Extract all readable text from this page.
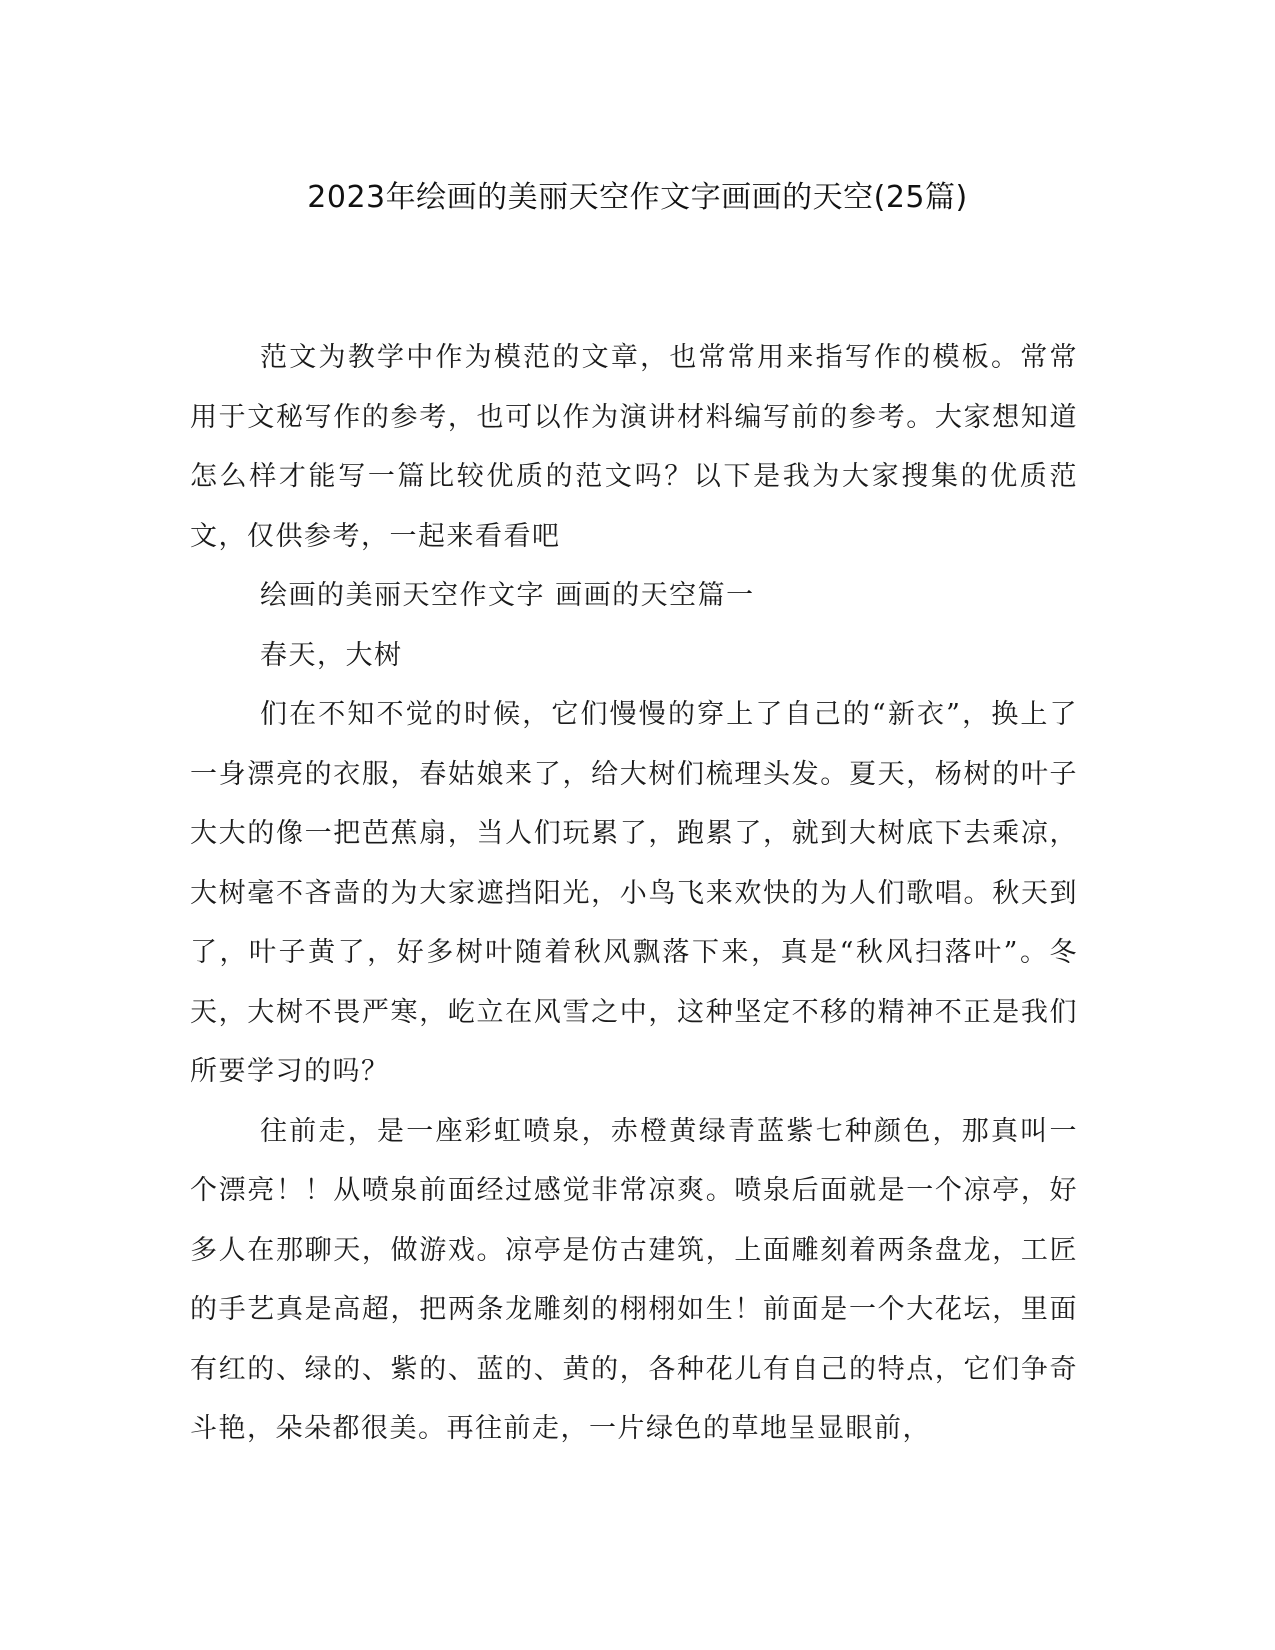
2023年绘画的美丽天空作文字画画的天空(25篇)

范文为教学中作为模范的文章，也常常用来指写作的模板。常常用于文秘写作的参考，也可以作为演讲材料编写前的参考。大家想知道怎么样才能写一篇比较优质的范文吗？以下是我为大家搜集的优质范文，仅供参考，一起来看看吧

绘画的美丽天空作文字 画画的天空篇一

春天，大树

们在不知不觉的时候，它们慢慢的穿上了自己的“新衣”，换上了一身漂亮的衣服，春姑娘来了，给大树们梳理头发。夏天，杨树的叶子大大的像一把芭蕉扇，当人们玩累了，跑累了，就到大树底下去乘凉，大树毫不吝啬的为大家遮挡阳光，小鸟飞来欢快的为人们歌唱。秋天到了，叶子黄了，好多树叶随着秋风飘落下来，真是“秋风扫落叶”。冬天，大树不畏严寒，屹立在风雪之中，这种坚定不移的精神不正是我们所要学习的吗？

往前走，是一座彩虹喷泉，赤橙黄绿青蓝紫七种颜色，那真叫一个漂亮！！从喷泉前面经过感觉非常凉爽。喷泉后面就是一个凉亭，好多人在那聊天，做游戏。凉亭是仿古建筑，上面雕刻着两条盘龙，工匠的手艺真是高超，把两条龙雕刻的栩栩如生！前面是一个大花坛，里面有红的、绿的、紫的、蓝的、黄的，各种花儿有自己的特点，它们争奇斗艳，朵朵都很美。再往前走，一片绿色的草地呈显眼前，
